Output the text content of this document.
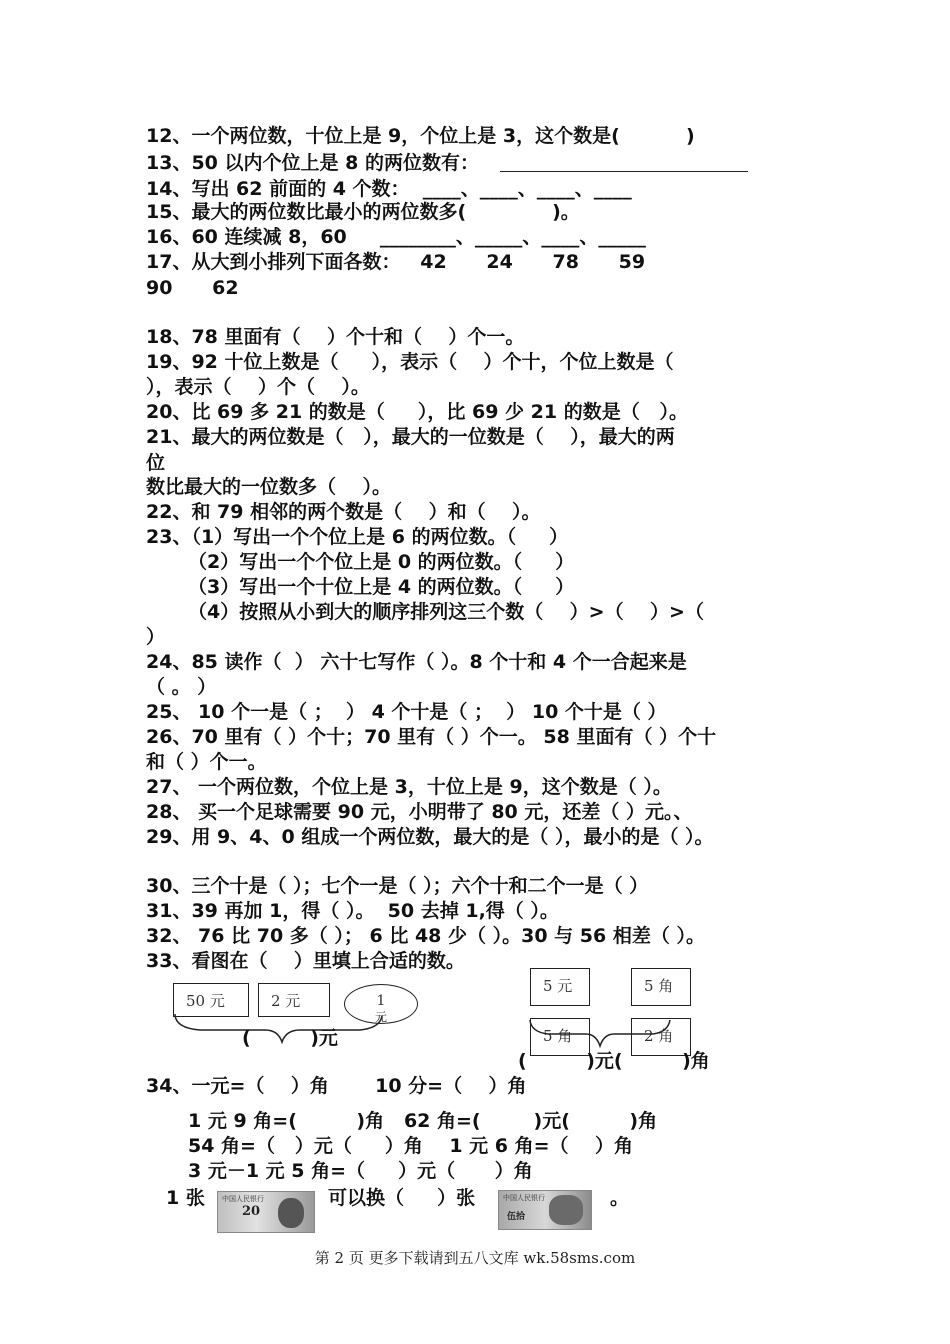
12、一个两位数，十位上是 9，个位上是 3，这个数是(          )
13、50 以内个位上是 8 的两位数有：
14、写出 62 前面的 4 个数：  ____、____、____、____
15、最大的两位数比最小的两位数多(             )。
16、60 连续减 8，60     ________、_____、____、_____
17、从大到小排列下面各数：   42      24      78      59
90      62
18、78 里面有（    ）个十和（    ）个一。
19、92 十位上数是（     ），表示（    ）个十，个位上数是（
），表示（    ）个（    ）。
20、比 69 多 21 的数是（     ），比 69 少 21 的数是（   ）。
21、最大的两位数是（   ），最大的一位数是（    ），最大的两
位
数比最大的一位数多（    ）。
22、和 79 相邻的两个数是（    ）和（    ）。
23、（1）写出一个个位上是 6 的两位数。（     ）
（2）写出一个个位上是 0 的两位数。（     ）
（3）写出一个十位上是 4 的两位数。（     ）
（4）按照从小到大的顺序排列这三个数（    ）>（    ）>（
）
24、85 读作（  ） 六十七写作（ ）。8 个十和 4 个一合起来是
（ 。 ）
25、 10 个一是（ ；  ） 4 个十是（ ；  ） 10 个十是（ ）
26、70 里有（ ）个十；70 里有（ ）个一。 58 里面有（ ）个十
和（ ）个一。
27、 一个两位数，个位上是 3，十位上是 9，这个数是（ ）。
28、 买一个足球需要 90 元，小明带了 80 元，还差（ ）元。、
29、用 9、4、0 组成一个两位数，最大的是（ ），最小的是（ ）。
30、三个十是（ ）；七个一是（ ）；六个十和二个一是（ ）
31、39 再加 1，得（ ）。  50 去掉 1,得（ ）。
32、 76 比 70 多（ ）； 6 比 48 少（ ）。30 与 56 相差（ ）。
33、看图在（    ）里填上合适的数。
50 元	2 元	1
元
(         )元
5 元	5 角
5 角	2 角
(         )元(         )角
34、一元=（    ）角       10 分=（    ）角
1 元 9 角=(         )角   62 角=(        )元(         )角
54 角=（   ）元（     ）角    1 元 6 角=（    ）角
3 元－1 元 5 角=（     ）元（      ）角
1 张	可以换（     ）张	。
中国人民银行
20
中国人民银行
伍拾
第 2 页 更多下载请到五八文库 wk.58sms.com
